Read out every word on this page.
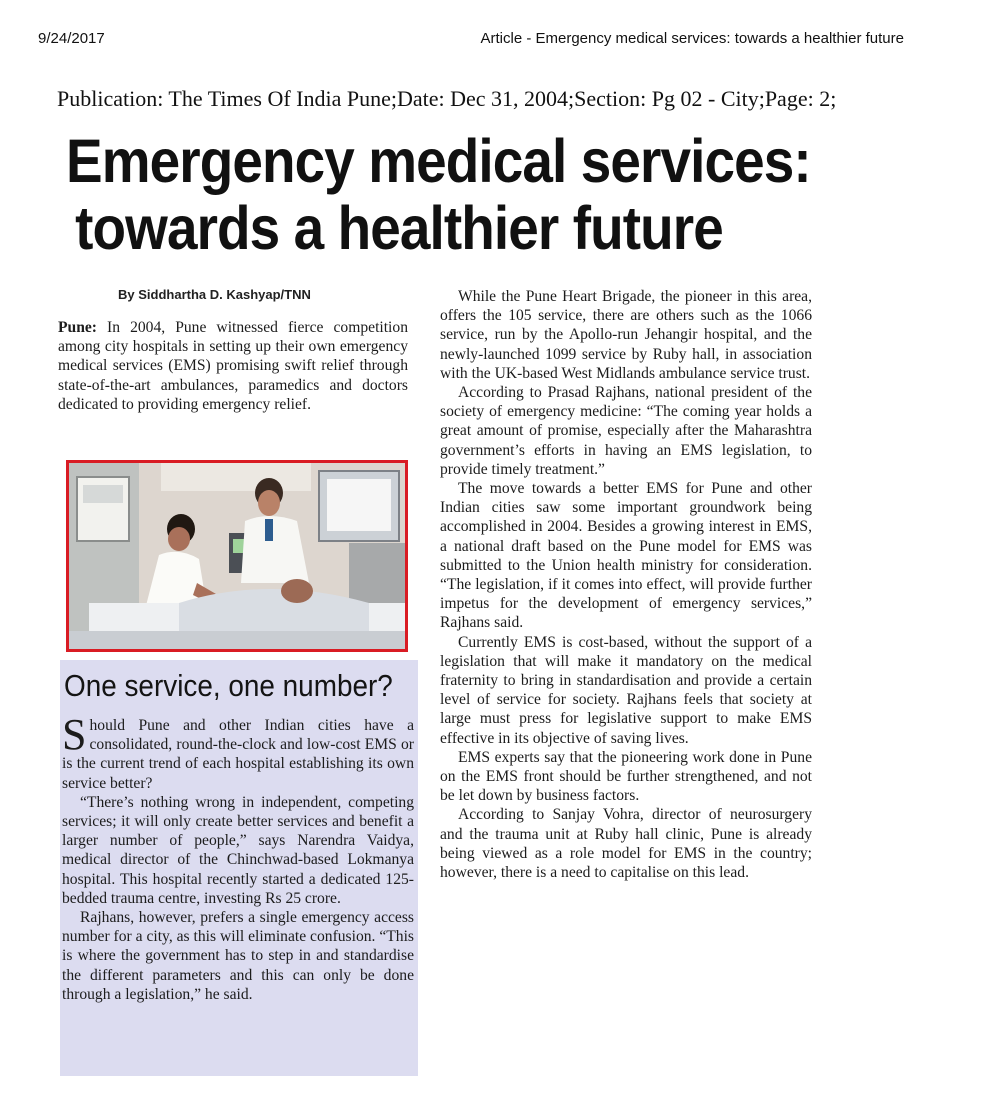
9/24/2017	Article - Emergency medical services: towards a healthier future
Publication: The Times Of India Pune;Date: Dec 31, 2004;Section: Pg 02 - City;Page: 2;
Emergency medical services:
towards a healthier future
By Siddhartha D. Kashyap/TNN

Pune: In 2004, Pune witnessed fierce competition among city hospitals in setting up their own emergency medical services (EMS) promising swift relief through state-of-the-art ambulances, paramedics and doctors dedicated to providing emergency relief.

One service, one number?

Should Pune and other Indian cities have a consolidated, round-the-clock and low-cost EMS or is the current trend of each hospital establishing its own service better?

“There’s nothing wrong in independent, competing services; it will only create better services and benefit a larger number of people,” says Narendra Vaidya, medical director of the Chinchwad-based Lokmanya hospital. This hospital recently started a dedicated 125-bedded trauma centre, investing Rs 25 crore.

Rajhans, however, prefers a single emergency access number for a city, as this will eliminate confusion. “This is where the government has to step in and standardise the different parameters and this can only be done through a legislation,” he said.

While the Pune Heart Brigade, the pioneer in this area, offers the 105 service, there are others such as the 1066 service, run by the Apollo-run Jehangir hospital, and the newly-launched 1099 service by Ruby hall, in association with the UK-based West Midlands ambulance service trust.

According to Prasad Rajhans, national president of the society of emergency medicine: “The coming year holds a great amount of promise, especially after the Maharashtra government’s efforts in having an EMS legislation, to provide timely treatment.”

The move towards a better EMS for Pune and other Indian cities saw some important groundwork being accomplished in 2004. Besides a growing interest in EMS, a national draft based on the Pune model for EMS was submitted to the Union health ministry for consideration. “The legislation, if it comes into effect, will provide further impetus for the development of emergency services,” Rajhans said.

Currently EMS is cost-based, without the support of a legislation that will make it mandatory on the medical fraternity to bring in standardisation and provide a certain level of service for society. Rajhans feels that society at large must press for legislative support to make EMS effective in its objective of saving lives.

EMS experts say that the pioneering work done in Pune on the EMS front should be further strengthened, and not be let down by business factors.

According to Sanjay Vohra, director of neurosurgery and the trauma unit at Ruby hall clinic, Pune is already being viewed as a role model for EMS in the country; however, there is a need to capitalise on this lead.
